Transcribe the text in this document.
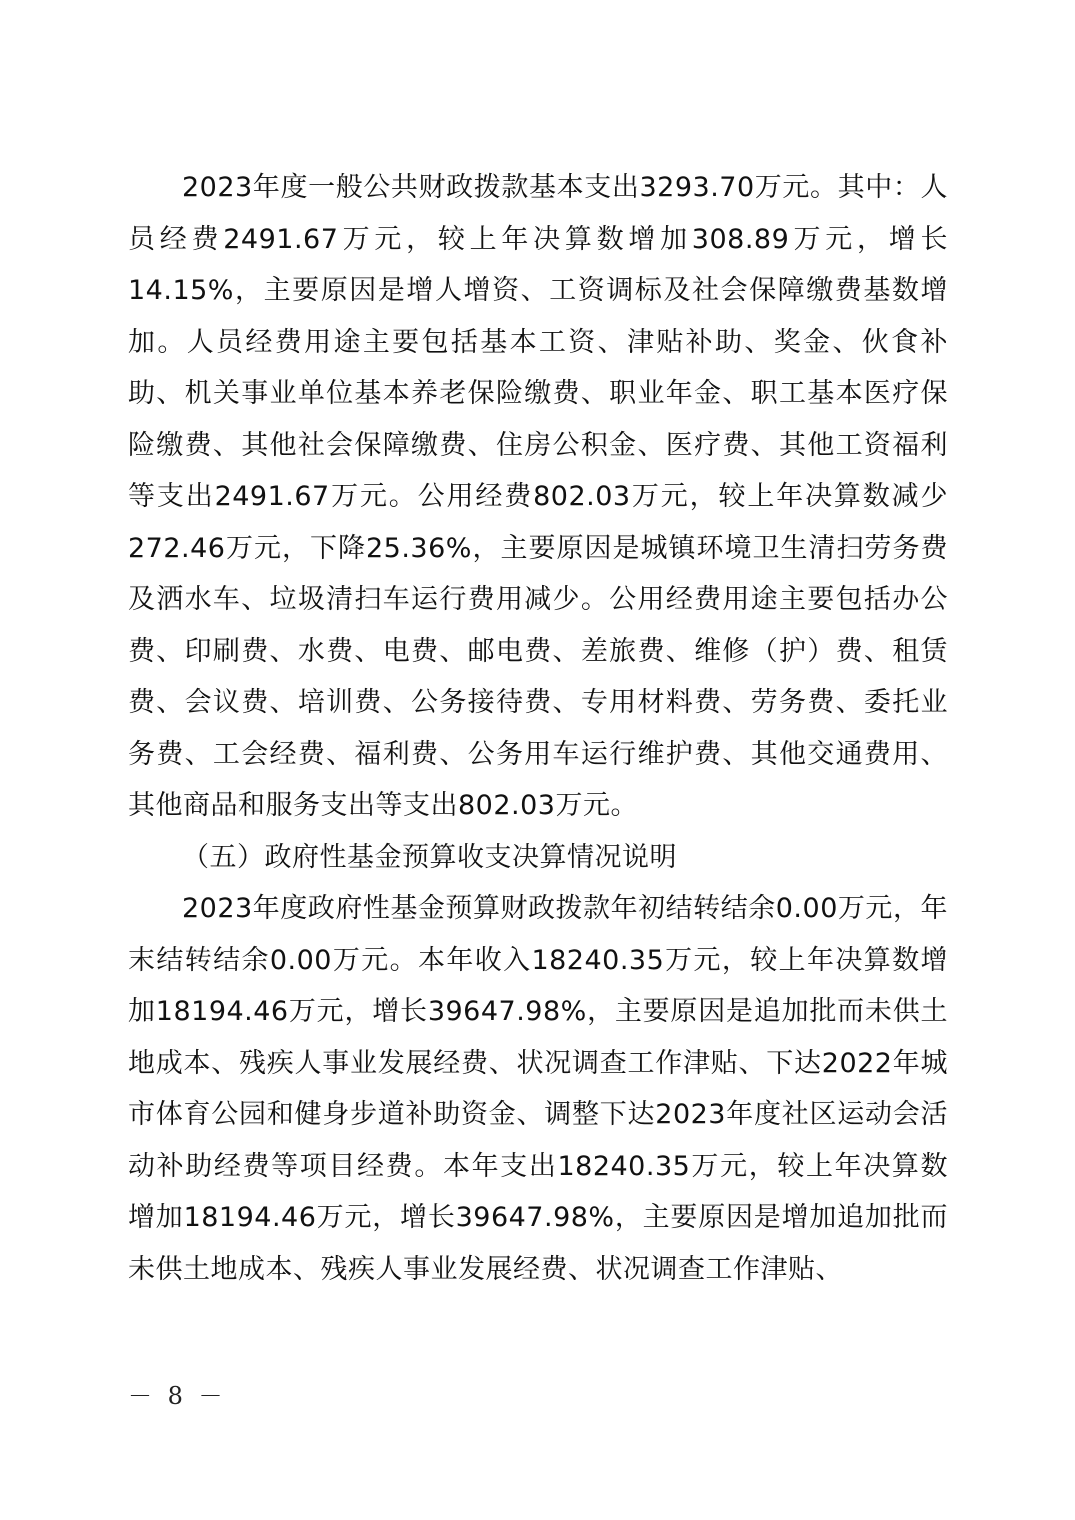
2023年度一般公共财政拨款基本支出3293.70万元。其中：人员经费2491.67万元，较上年决算数增加308.89万元，增长14.15%，主要原因是增人增资、工资调标及社会保障缴费基数增加。人员经费用途主要包括基本工资、津贴补助、奖金、伙食补助、机关事业单位基本养老保险缴费、职业年金、职工基本医疗保险缴费、其他社会保障缴费、住房公积金、医疗费、其他工资福利等支出2491.67万元。公用经费802.03万元，较上年决算数减少272.46万元，下降25.36%，主要原因是城镇环境卫生清扫劳务费及洒水车、垃圾清扫车运行费用减少。公用经费用途主要包括办公费、印刷费、水费、电费、邮电费、差旅费、维修（护）费、租赁费、会议费、培训费、公务接待费、专用材料费、劳务费、委托业务费、工会经费、福利费、公务用车运行维护费、其他交通费用、其他商品和服务支出等支出802.03万元。

（五）政府性基金预算收支决算情况说明

2023年度政府性基金预算财政拨款年初结转结余0.00万元，年末结转结余0.00万元。本年收入18240.35万元，较上年决算数增加18194.46万元，增长39647.98%，主要原因是追加批而未供土地成本、残疾人事业发展经费、状况调查工作津贴、下达2022年城市体育公园和健身步道补助资金、调整下达2023年度社区运动会活动补助经费等项目经费。本年支出18240.35万元，较上年决算数增加18194.46万元，增长39647.98%，主要原因是增加追加批而未供土地成本、残疾人事业发展经费、状况调查工作津贴、

－ 8 －
